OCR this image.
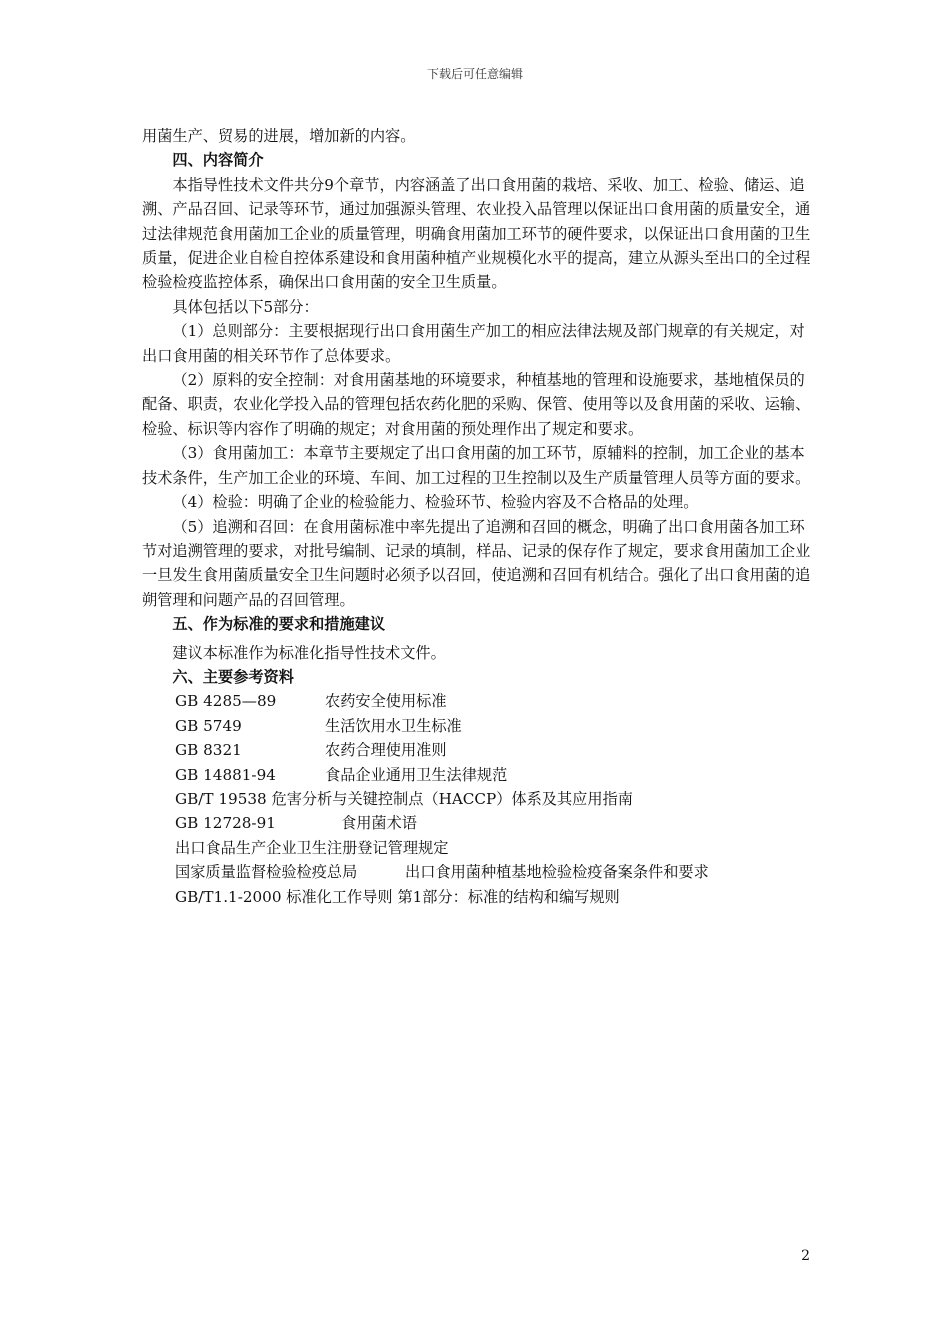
下载后可任意编辑

用菌生产、贸易的进展，增加新的内容。

四、内容简介

本指导性技术文件共分9个章节，内容涵盖了出口食用菌的栽培、采收、加工、检验、储运、追溯、产品召回、记录等环节，通过加强源头管理、农业投入品管理以保证出口食用菌的质量安全，通过法律规范食用菌加工企业的质量管理，明确食用菌加工环节的硬件要求，以保证出口食用菌的卫生质量，促进企业自检自控体系建设和食用菌种植产业规模化水平的提高，建立从源头至出口的全过程检验检疫监控体系，确保出口食用菌的安全卫生质量。

具体包括以下5部分：

（1）总则部分：主要根据现行出口食用菌生产加工的相应法律法规及部门规章的有关规定，对出口食用菌的相关环节作了总体要求。

（2）原料的安全控制：对食用菌基地的环境要求，种植基地的管理和设施要求，基地植保员的配备、职责，农业化学投入品的管理包括农药化肥的采购、保管、使用等以及食用菌的采收、运输、检验、标识等内容作了明确的规定；对食用菌的预处理作出了规定和要求。

（3）食用菌加工：本章节主要规定了出口食用菌的加工环节，原辅料的控制，加工企业的基本技术条件，生产加工企业的环境、车间、加工过程的卫生控制以及生产质量管理人员等方面的要求。

（4）检验：明确了企业的检验能力、检验环节、检验内容及不合格品的处理。

（5）追溯和召回：在食用菌标准中率先提出了追溯和召回的概念，明确了出口食用菌各加工环节对追溯管理的要求，对批号编制、记录的填制，样品、记录的保存作了规定，要求食用菌加工企业一旦发生食用菌质量安全卫生问题时必须予以召回，使追溯和召回有机结合。强化了出口食用菌的追朔管理和问题产品的召回管理。

五、作为标准的要求和措施建议

建议本标准作为标准化指导性技术文件。

六、主要参考资料

GB 4285—89	农药安全使用标准

GB 5749	生活饮用水卫生标准

GB 8321	农药合理使用准则

GB 14881-94	食品企业通用卫生法律规范

GB/T 19538 危害分析与关键控制点（HACCP）体系及其应用指南

GB 12728-91	食用菌术语

出口食品生产企业卫生注册登记管理规定

国家质量监督检验检疫总局	出口食用菌种植基地检验检疫备案条件和要求

GB/T1.1-2000 标准化工作导则 第1部分：标准的结构和编写规则

2
